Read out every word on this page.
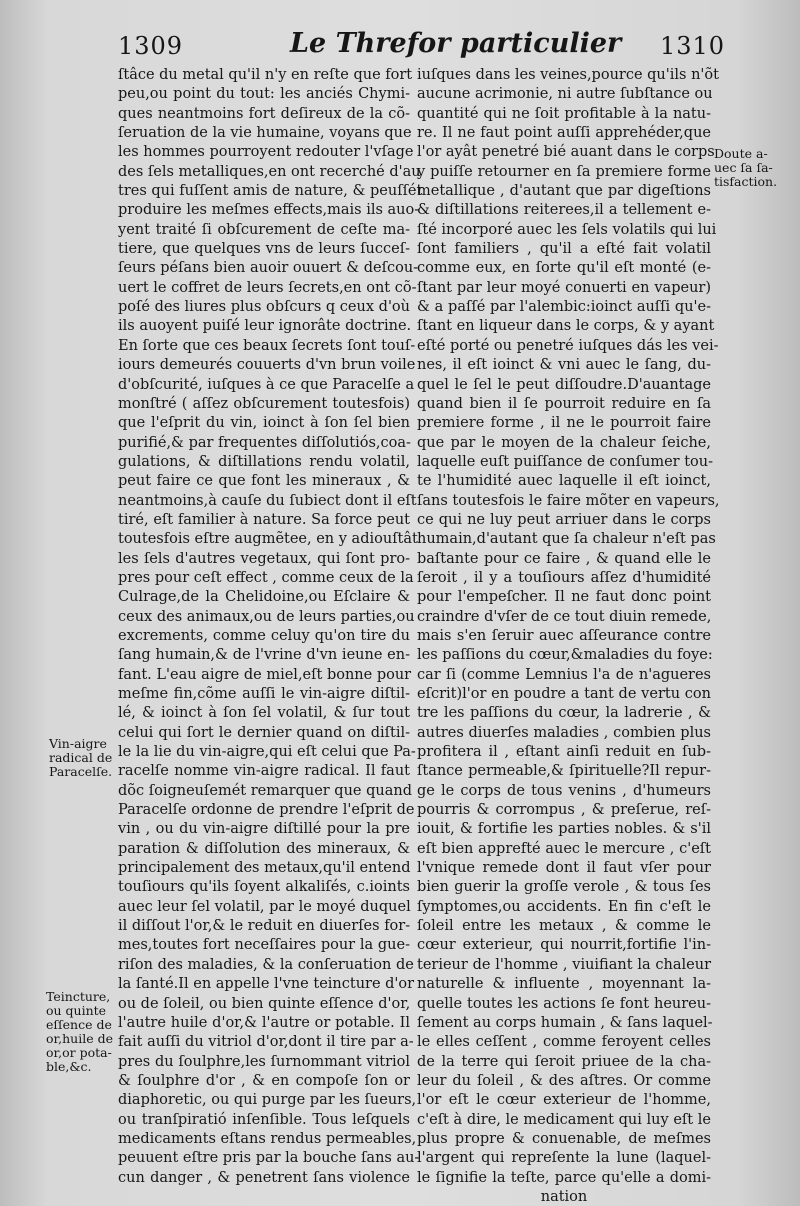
1309	Le Threfor particulier 1310
ſtâce du metal qu'il n'y en reſte que fort
peu,ou point du tout: les anciés Chymi-
ques neantmoins fort deſireux de la cõ-
ſeruation de la vie humaine, voyans que
les hommes pourroyent redouter l'vſage
des ſels metalliques,en ont recerché d'au
tres qui fuſſent amis de nature, & peuſſét
produire les meſmes effects,mais ils auo-
yent traité ſi obſcurement de ceſte ma-
tiere, que quelques vns de leurs ſucceſ-
ſeurs péſans bien auoir ouuert & deſcou-
uert le coffret de leurs ſecrets,en ont cõ-
poſé des liures plus obſcurs q ceux d'où
ils auoyent puiſé leur ignorâte doctrine.
En ſorte que ces beaux ſecrets ſont touſ-
iours demeurés couuerts d'vn brun voile
d'obſcurité, iuſques à ce que Paracelſe a
monſtré ( aſſez obſcurement toutesfois)
que l'eſprit du vin, ioinct à ſon ſel bien
purifié,& par frequentes diſſolutiós,coa-
gulations, & diſtillations rendu volatil,
peut faire ce que font les mineraux , &
neantmoins,à cauſe du ſubiect dont il eſt
tiré, eſt familier à nature. Sa force peut
toutesfois eſtre augmẽtee, en y adiouſtât
les ſels d'autres vegetaux, qui ſont pro-
pres pour ceſt effect , comme ceux de la
Culrage,de la Chelidoine,ou Eſclaire &
ceux des animaux,ou de leurs parties,ou
excrements, comme celuy qu'on tire du
ſang humain,& de l'vrine d'vn ieune en-
fant. L'eau aigre de miel,eſt bonne pour
meſme fin,cõme auſſi le vin-aigre diſtil-
lé, & ioinct à ſon ſel volatil, & ſur tout
celui qui ſort le dernier quand on diſtil-
le la lie du vin-aigre,qui eſt celui que Pa-
racelſe nomme vin-aigre radical. Il faut
dõc ſoigneuſemét remarquer que quand
Paracelſe ordonne de prendre l'eſprit de
vin , ou du vin-aigre diſtillé pour la pre
paration & diſſolution des mineraux, &
principalement des metaux,qu'il entend
touſiours qu'ils ſoyent alkaliſés, c.ioints
auec leur ſel volatil, par le moyé duquel
il diſſout l'or,& le reduit en diuerſes for-
mes,toutes fort neceſſaires pour la gue-
riſon des maladies, & la conſeruation de
la ſanté.Il en appelle l'vne teincture d'or
ou de ſoleil, ou bien quinte eſſence d'or,
l'autre huile d'or,& l'autre or potable. Il
fait auſſi du vitriol d'or,dont il tire par a-
pres du ſoulphre,les ſurnommant vitriol
& ſoulphre d'or , & en compoſe ſon or
diaphoretic, ou qui purge par les ſueurs,
ou tranſpiratió inſenſible. Tous leſquels
medicaments eſtans rendus permeables,
peuuent eſtre pris par la bouche ſans au-
cun danger , & penetrent ſans violence
iuſques dans les veines,pource qu'ils n'õt
aucune acrimonie, ni autre ſubſtance ou
quantité qui ne ſoit profitable à la natu-
re. Il ne faut point auſſi apprehéder,que
l'or ayât penetré bié auant dans le corps
y puiſſe retourner en ſa premiere forme
metallique , d'autant que par digeſtions
& diſtillations reiterees,il a tellement e-
ſté incorporé auec les ſels volatils qui lui
ſont familiers , qu'il a eſté fait volatil
comme eux, en ſorte qu'il eſt monté (e-
ſtant par leur moyé conuerti en vapeur)
& a paſſé par l'alembic:ioinct auſſi qu'e-
ſtant en liqueur dans le corps, & y ayant
eſté porté ou penetré iuſques dás les vei-
nes, il eſt ioinct & vni auec le ſang, du-
quel le ſel le peut diſſoudre.D'auantage
quand bien il ſe pourroit reduire en ſa
premiere forme , il ne le pourroit faire
que par le moyen de la chaleur ſeiche,
laquelle euſt puiſſance de conſumer tou-
te l'humidité auec laquelle il eſt ioinct,
ſans toutesfois le faire mõter en vapeurs,
ce qui ne luy peut arriuer dans le corps
humain,d'autant que ſa chaleur n'eſt pas
baſtante pour ce faire , & quand elle le
ſeroit , il y a touſiours aſſez d'humidité
pour l'empeſcher. Il ne faut donc point
craindre d'vſer de ce tout diuin remede,
mais s'en ſeruir auec aſſeurance contre
les paſſions du cœur,&maladies du foye:
car ſi (comme Lemnius l'a de n'agueres
eſcrit)l'or en poudre a tant de vertu con
tre les paſſions du cœur, la ladrerie , &
autres diuerſes maladies , combien plus
profitera il , eſtant ainſi reduit en ſub-
ſtance permeable,& ſpirituelle?Il repur-
ge le corps de tous venins , d'humeurs
pourris & corrompus , & preſerue, reſ-
iouit, & fortifie les parties nobles. & s'il
eſt bien apprefté auec le mercure , c'eſt
l'vnique remede dont il faut vſer pour
bien guerir la groſſe verole , & tous ſes
ſymptomes,ou accidents. En fin c'eſt le
ſoleil entre les metaux , & comme le
cœur exterieur, qui nourrit,fortifie l'in-
terieur de l'homme , viuifiant la chaleur
naturelle & influente , moyennant la-
quelle toutes les actions ſe font heureu-
ſement au corps humain , & ſans laquel-
le elles ceſſent , comme feroyent celles
de la terre qui ſeroit priuee de la cha-
leur du ſoleil , & des aſtres. Or comme
l'or eſt le cœur exterieur de l'homme,
c'eſt à dire, le medicament qui luy eſt le
plus propre & conuenable, de meſmes
l'argent qui repreſente la lune (laquel-
le ſignifie la teſte, parce qu'elle a domi-
nation
Doute a-
uec ſa ſa-
tisfaction.
Vin-aigre
radical de
Paracelſe.
Teincture,
ou quinte
eſſence de
or,huile de
or,or pota-
ble,&c.
